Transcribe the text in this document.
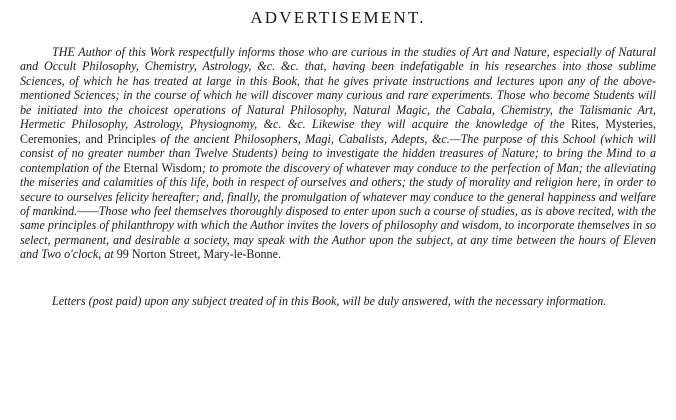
ADVERTISEMENT.

THE Author of this Work respectfully informs those who are curious in the studies of Art and Nature, especially of Natural and Occult Philosophy, Chemistry, Astrology, &c. &c. that, having been indefatigable in his researches into those sublime Sciences, of which he has treated at large in this Book, that he gives private instructions and lectures upon any of the above-mentioned Sciences; in the course of which he will discover many curious and rare experiments. Those who become Students will be initiated into the choicest operations of Natural Philosophy, Natural Magic, the Cabala, Chemistry, the Talismanic Art, Hermetic Philosophy, Astrology, Physiognomy, &c. &c. Likewise they will acquire the knowledge of the Rites, Mysteries, Ceremonies, and Principles of the ancient Philosophers, Magi, Cabalists, Adepts, &c.—The purpose of this School (which will consist of no greater number than Twelve Students) being to investigate the hidden treasures of Nature; to bring the Mind to a contemplation of the Eternal Wisdom; to promote the discovery of whatever may conduce to the perfection of Man; the alleviating the miseries and calamities of this life, both in respect of ourselves and others; the study of morality and religion here, in order to secure to ourselves felicity hereafter; and, finally, the promulgation of whatever may conduce to the general happiness and welfare of mankind.——Those who feel themselves thoroughly disposed to enter upon such a course of studies, as is above recited, with the same principles of philanthropy with which the Author invites the lovers of philosophy and wisdom, to incorporate themselves in so select, permanent, and desirable a society, may speak with the Author upon the subject, at any time between the hours of Eleven and Two o'clock, at 99 Norton Street, Mary-le-Bonne.

Letters (post paid) upon any subject treated of in this Book, will be duly answered, with the necessary information.
